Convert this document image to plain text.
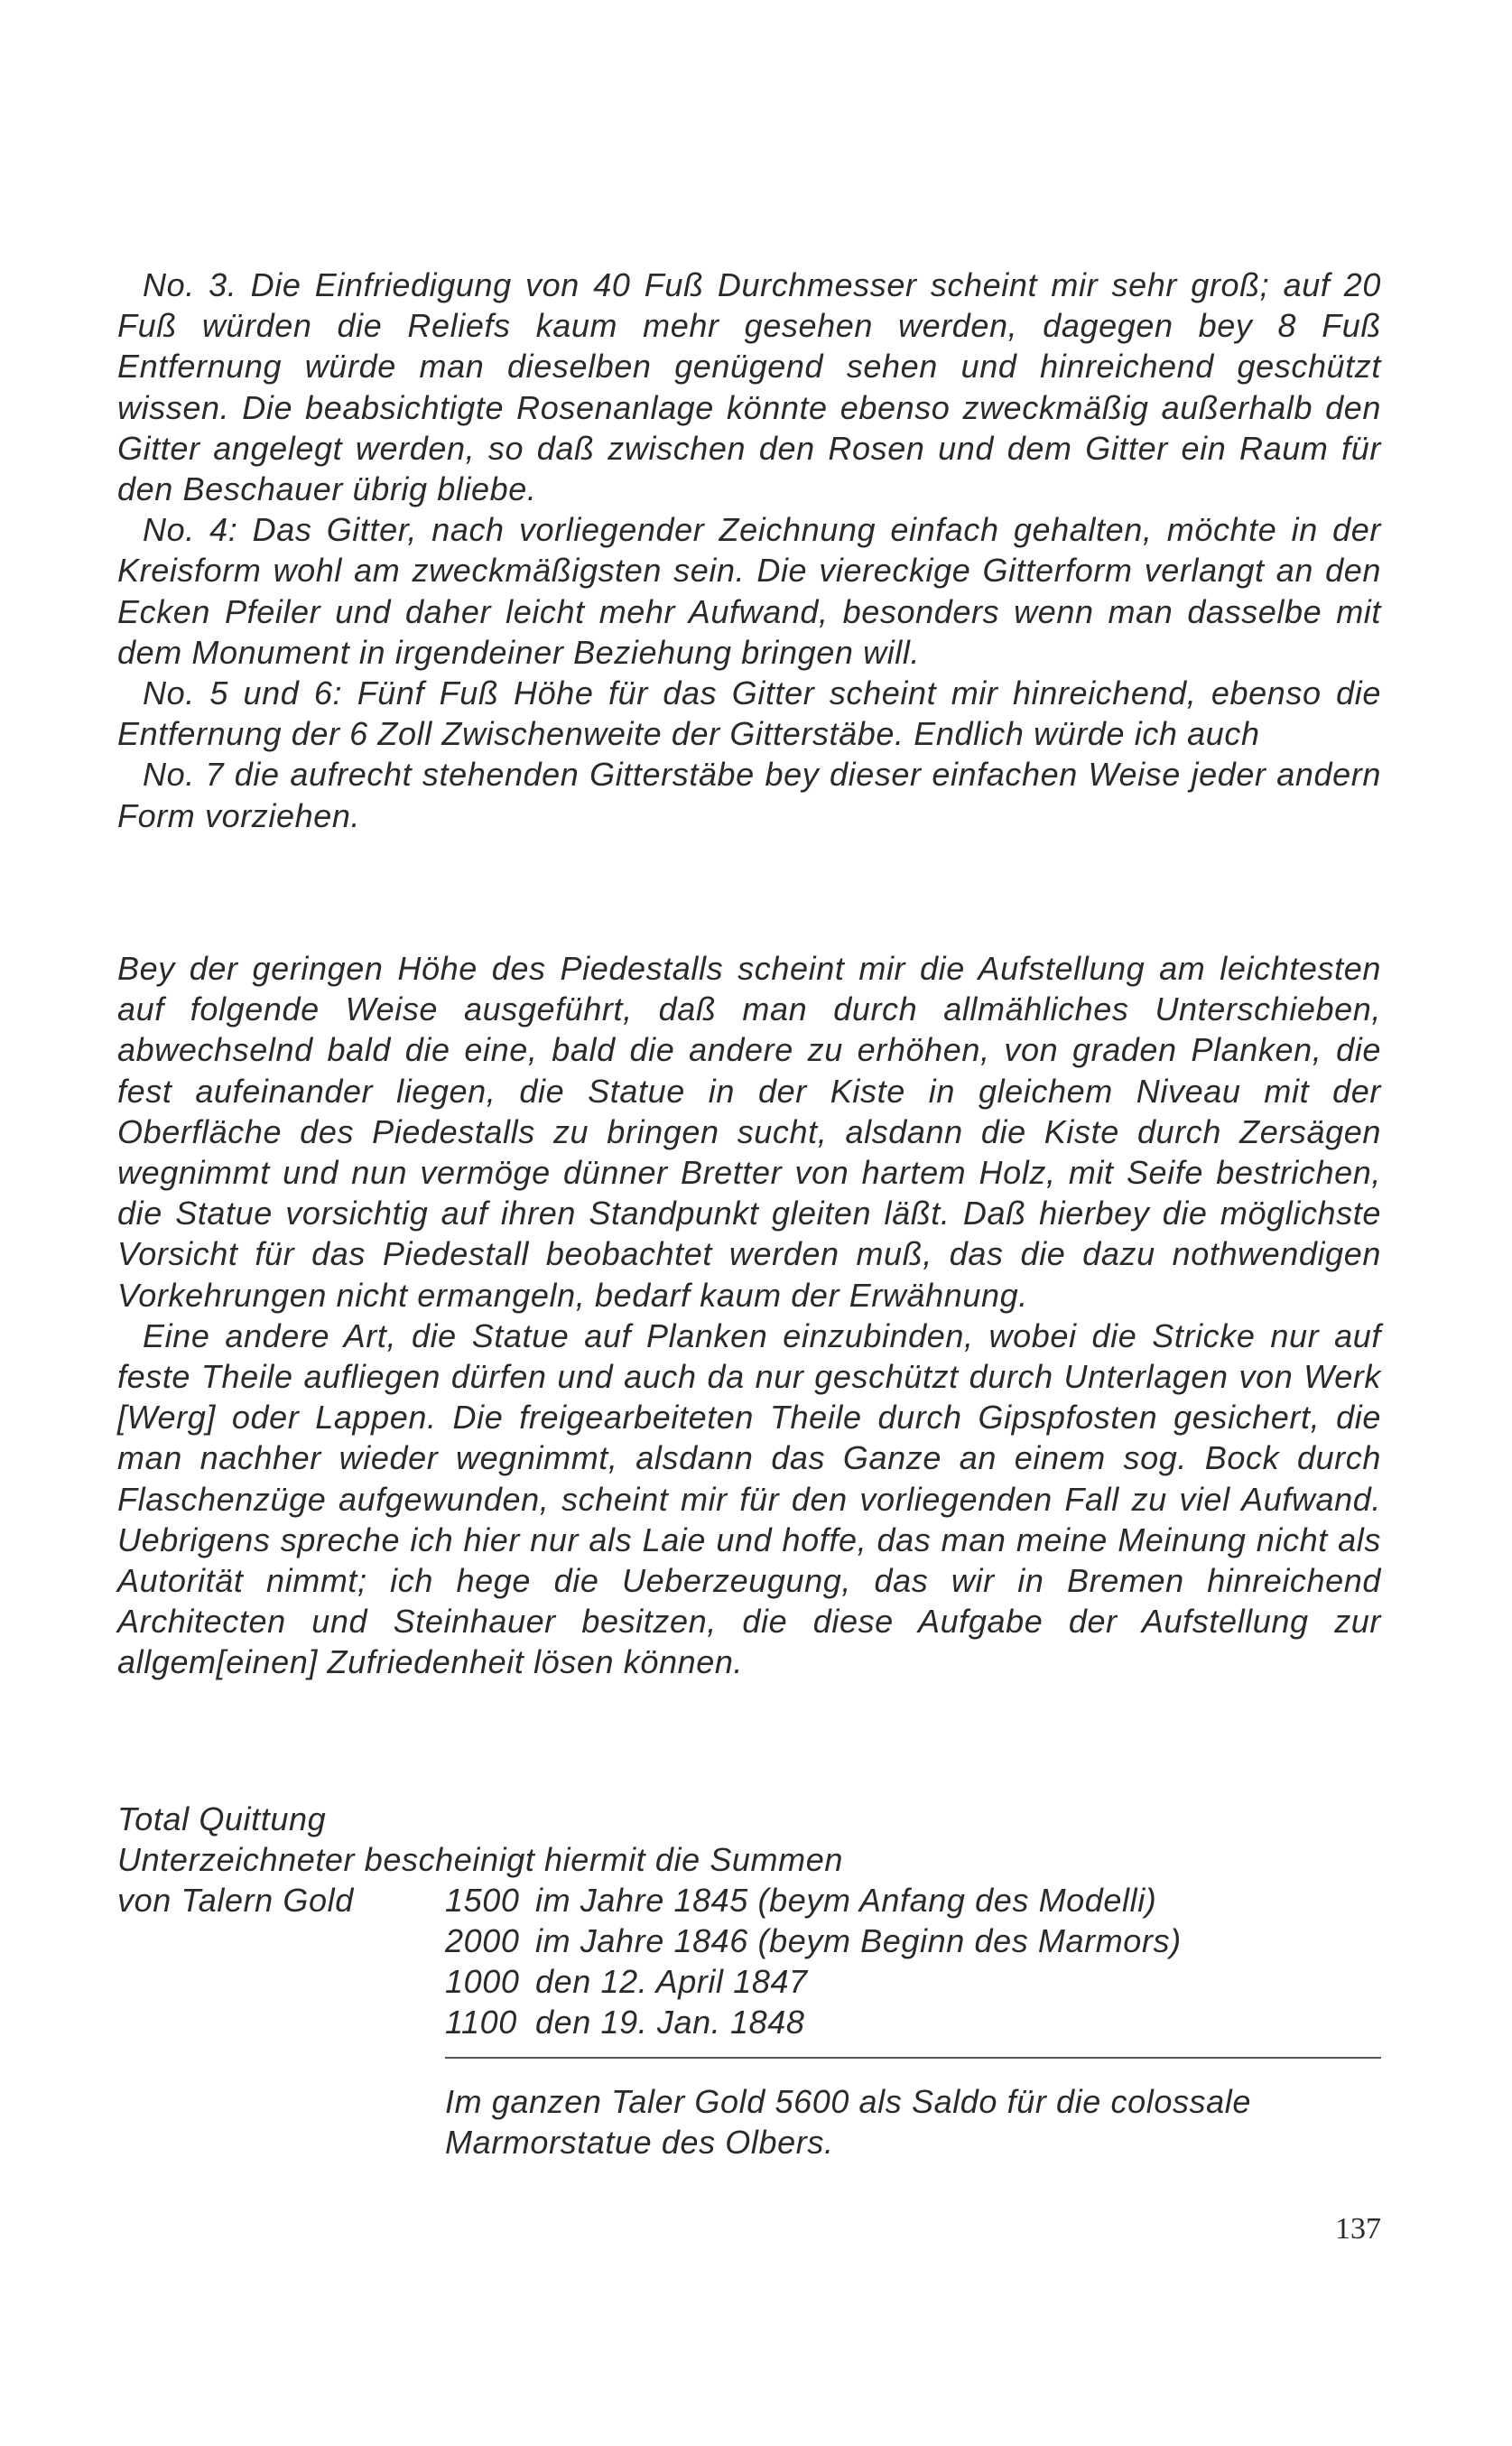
No. 3. Die Einfriedigung von 40 Fuß Durchmesser scheint mir sehr groß; auf 20 Fuß würden die Reliefs kaum mehr gesehen werden, dagegen bey 8 Fuß Entfernung würde man dieselben genügend sehen und hinreichend geschützt wissen. Die beabsichtigte Rosenanlage könnte ebenso zweckmäßig außerhalb den Gitter angelegt werden, so daß zwischen den Rosen und dem Gitter ein Raum für den Beschauer übrig bliebe.

No. 4: Das Gitter, nach vorliegender Zeichnung einfach gehalten, möchte in der Kreisform wohl am zweckmäßigsten sein. Die viereckige Gitterform verlangt an den Ecken Pfeiler und daher leicht mehr Aufwand, besonders wenn man dasselbe mit dem Monument in irgendeiner Beziehung bringen will.

No. 5 und 6: Fünf Fuß Höhe für das Gitter scheint mir hinreichend, ebenso die Entfernung der 6 Zoll Zwischenweite der Gitterstäbe. Endlich würde ich auch

No. 7 die aufrecht stehenden Gitterstäbe bey dieser einfachen Weise jeder andern Form vorziehen.

Bey der geringen Höhe des Piedestalls scheint mir die Aufstellung am leichtesten auf folgende Weise ausgeführt, daß man durch allmähliches Unterschieben, abwechselnd bald die eine, bald die andere zu erhöhen, von graden Planken, die fest aufeinander liegen, die Statue in der Kiste in gleichem Niveau mit der Oberfläche des Piedestalls zu bringen sucht, alsdann die Kiste durch Zersägen wegnimmt und nun vermöge dünner Bretter von hartem Holz, mit Seife bestrichen, die Statue vorsichtig auf ihren Standpunkt gleiten läßt. Daß hierbey die möglichste Vorsicht für das Piedestall beobachtet werden muß, das die dazu nothwendigen Vorkehrungen nicht ermangeln, bedarf kaum der Erwähnung.

Eine andere Art, die Statue auf Planken einzubinden, wobei die Stricke nur auf feste Theile aufliegen dürfen und auch da nur geschützt durch Unterlagen von Werk [Werg] oder Lappen. Die freigearbeiteten Theile durch Gipspfosten gesichert, die man nachher wieder wegnimmt, alsdann das Ganze an einem sog. Bock durch Flaschenzüge aufgewunden, scheint mir für den vorliegenden Fall zu viel Aufwand. Uebrigens spreche ich hier nur als Laie und hoffe, das man meine Meinung nicht als Autorität nimmt; ich hege die Ueberzeugung, das wir in Bremen hinreichend Architecten und Steinhauer besitzen, die diese Aufgabe der Aufstellung zur allgem[einen] Zufriedenheit lösen können.

Total Quittung
Unterzeichneter bescheinigt hiermit die Summen
von Talern Gold	1500 im Jahre 1845 (beym Anfang des Modelli)
2000 im Jahre 1846 (beym Beginn des Marmors)
1000 den 12. April 1847
1100 den 19. Jan. 1848
Im ganzen Taler Gold 5600 als Saldo für die colossale
Marmorstatue des Olbers.
137
